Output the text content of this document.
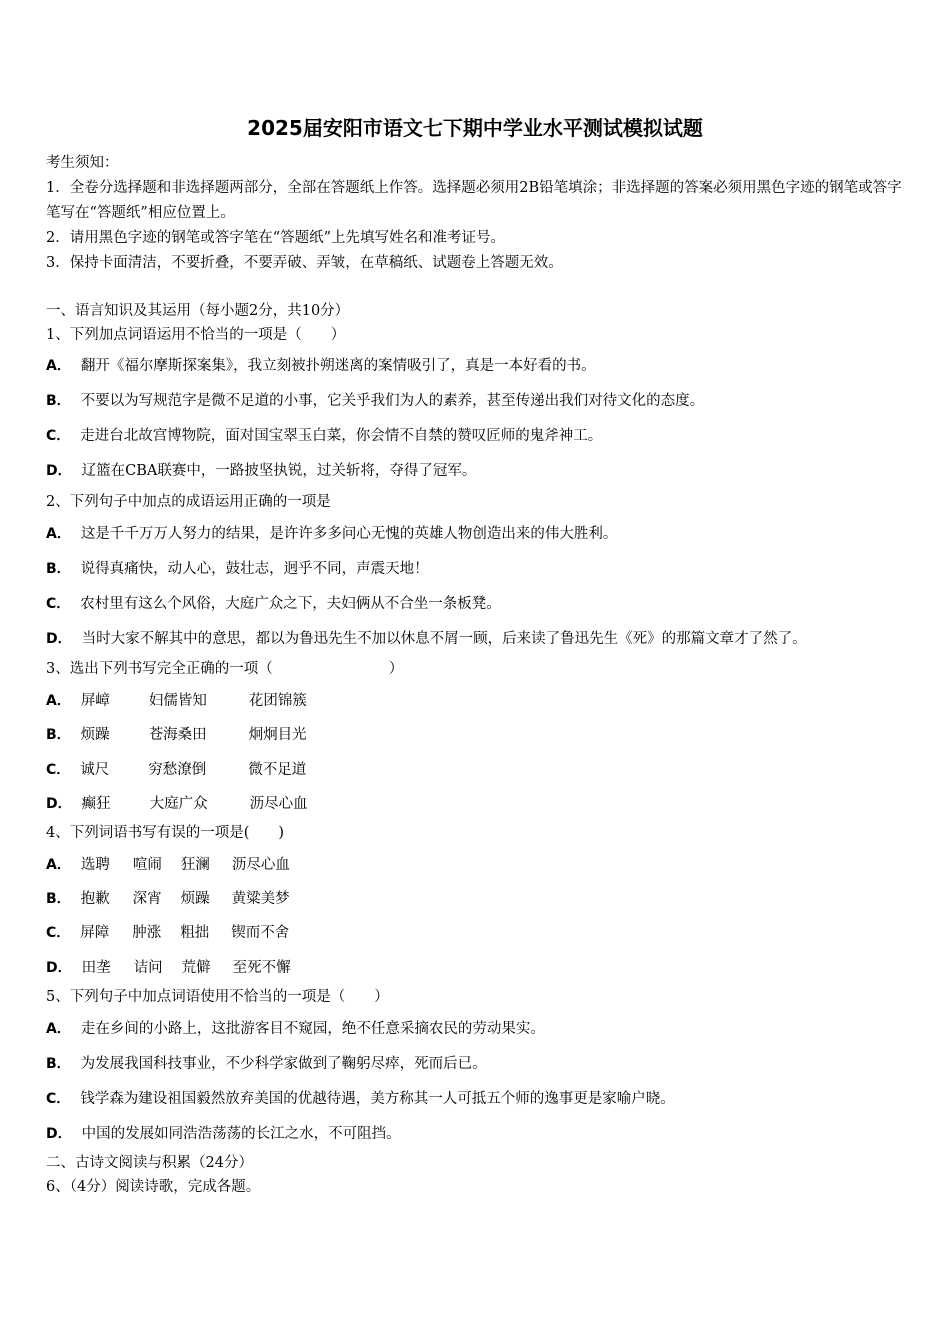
2025届安阳市语文七下期中学业水平测试模拟试题
考生须知：
1．全卷分选择题和非选择题两部分，全部在答题纸上作答。选择题必须用2B铅笔填涂；非选择题的答案必须用黑色字迹的钢笔或答字笔写在“答题纸”相应位置上。
2．请用黑色字迹的钢笔或答字笔在“答题纸”上先填写姓名和准考证号。
3．保持卡面清洁，不要折叠，不要弄破、弄皱，在草稿纸、试题卷上答题无效。
一、语言知识及其运用（每小题2分，共10分）
1、下列加点词语运用不恰当的一项是（　　）
A． 翻开《福尔摩斯探案集》，我立刻被扑朔迷离的案情吸引了，真是一本好看的书。
B． 不要以为写规范字是微不足道的小事，它关乎我们为人的素养，甚至传递出我们对待文化的态度。
C． 走进台北故宫博物院，面对国宝翠玉白菜，你会情不自禁的赞叹匠师的鬼斧神工。
D． 辽篮在CBA联赛中，一路披坚执锐，过关斩将，夺得了冠军。
2、下列句子中加点的成语运用正确的一项是
A． 这是千千万万人努力的结果，是许许多多问心无愧的英雄人物创造出来的伟大胜利。
B． 说得真痛快，动人心，鼓壮志，迥乎不同，声震天地！
C． 农村里有这么个风俗，大庭广众之下，夫妇俩从不合坐一条板凳。
D． 当时大家不解其中的意思，都以为鲁迅先生不加以休息不屑一顾，后来读了鲁迅先生《死》的那篇文章才了然了。
3、选出下列书写完全正确的一项（　　　　　　　　）
A． 屏嶂	妇儒皆知	花团锦簇
B． 烦躁	苍海桑田	炯炯目光
C． 诚尺	穷愁潦倒	微不足道
D． 癫狂	大庭广众	沥尽心血
4、下列词语书写有误的一项是(　　)
A． 选聘 喧闹 狂澜 沥尽心血
B． 抱歉 深宵 烦躁 黄粱美梦
C． 屏障 肿涨 粗拙 锲而不舍
D． 田垄 诘问 荒僻 至死不懈
5、下列句子中加点词语使用不恰当的一项是（　　）
A． 走在乡间的小路上，这批游客目不窥园，绝不任意采摘农民的劳动果实。
B． 为发展我国科技事业，不少科学家做到了鞠躬尽瘁，死而后已。
C． 钱学森为建设祖国毅然放弃美国的优越待遇，美方称其一人可抵五个师的逸事更是家喻户晓。
D． 中国的发展如同浩浩荡荡的长江之水，不可阻挡。
二、古诗文阅读与积累（24分）
6、（4分）阅读诗歌，完成各题。
